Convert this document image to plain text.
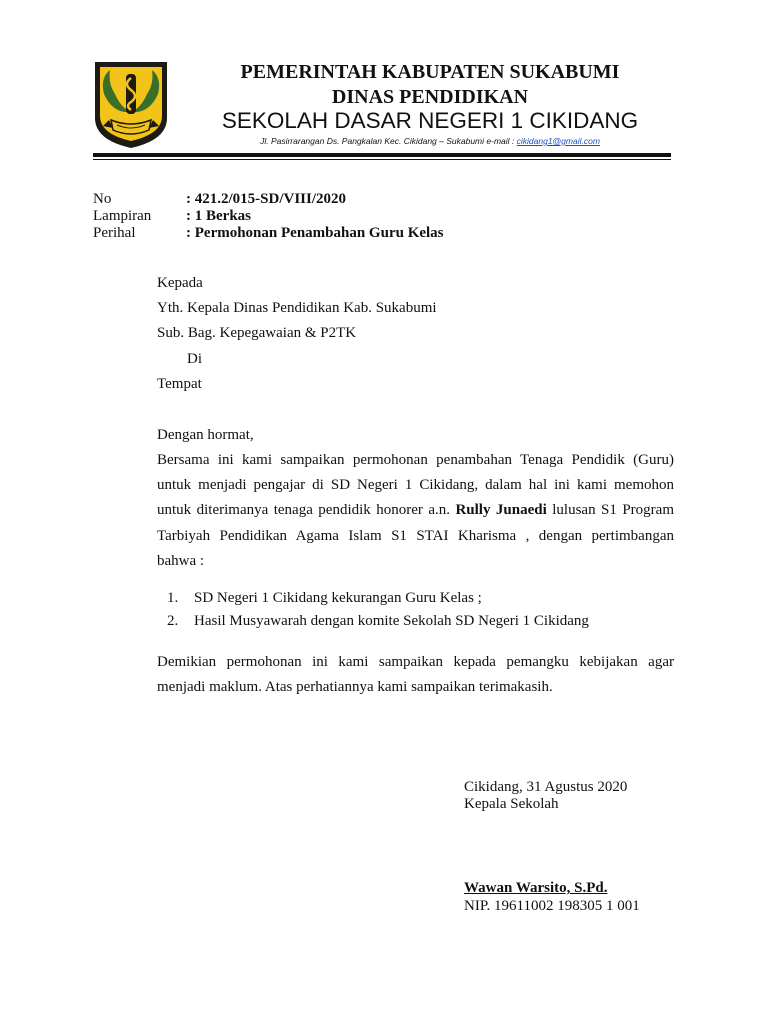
PEMERINTAH KABUPATEN SUKABUMI
DINAS PENDIDIKAN
SEKOLAH DASAR NEGERI 1 CIKIDANG
Jl. Pasirrarangan Ds. Pangkalan Kec. Cikidang – Sukabumi e-mail : cikidang1@gmail.com
No	: 421.2/015-SD/VIII/2020
Lampiran : 1 Berkas
Perihal	: Permohonan Penambahan Guru Kelas
Kepada
Yth. Kepala Dinas Pendidikan Kab. Sukabumi
Sub. Bag. Kepegawaian & P2TK
Di
Tempat
Dengan hormat,
Bersama ini kami sampaikan permohonan penambahan Tenaga Pendidik (Guru)
untuk menjadi pengajar di SD Negeri 1 Cikidang, dalam hal ini kami memohon
untuk diterimanya tenaga pendidik honorer a.n. Rully Junaedi lulusan S1 Program
Tarbiyah Pendidikan Agama Islam S1 STAI Kharisma , dengan pertimbangan
bahwa :
1. SD Negeri 1 Cikidang kekurangan Guru Kelas ;
2. Hasil Musyawarah dengan komite Sekolah SD Negeri 1 Cikidang
Demikian permohonan ini kami sampaikan kepada pemangku kebijakan agar
menjadi maklum. Atas perhatiannya kami sampaikan terimakasih.
Cikidang, 31 Agustus 2020
Kepala Sekolah
Wawan Warsito, S.Pd.
NIP. 19611002 198305 1 001
